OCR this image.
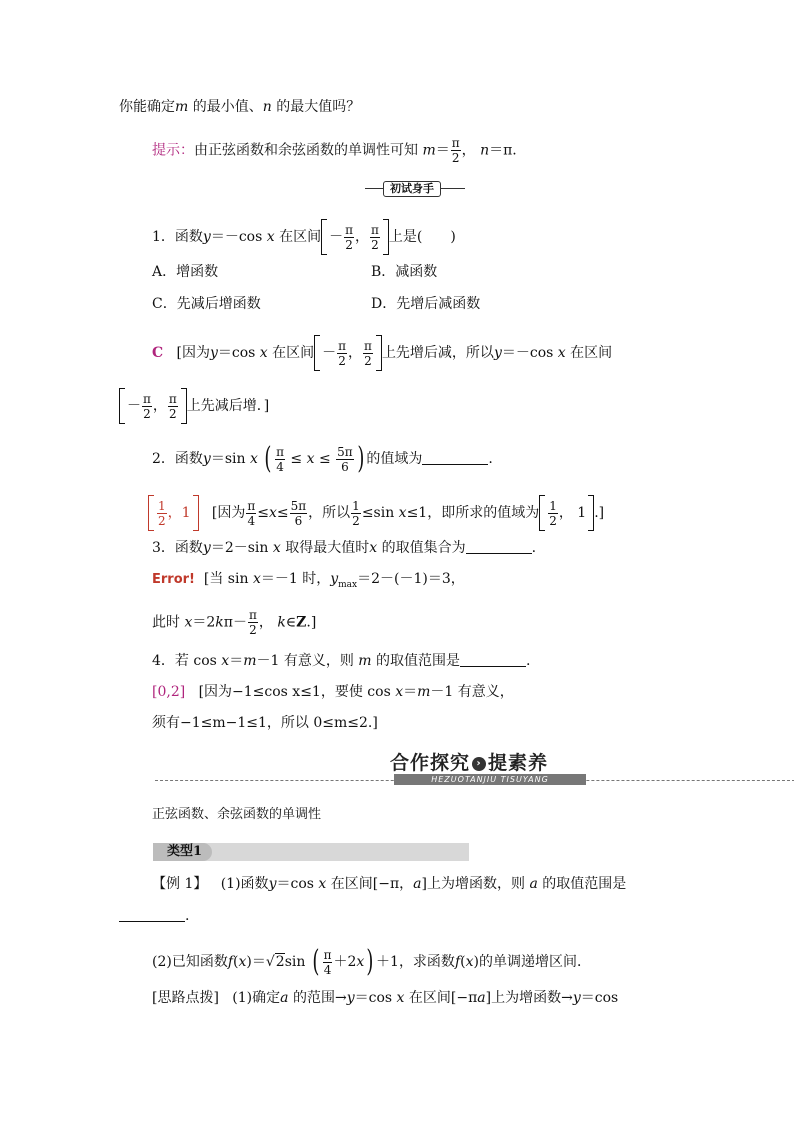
你能确定m 的最小值、n 的最大值吗？
提示：由正弦函数和余弦函数的单调性可知 $m= \frac{\pi}{2}$ ， n＝π.
初试身手
1．函数y＝－cos x 在区间 － $\frac{\pi}{2}$ ， $\frac{\pi}{2}$ 上是(　　)
A．增函数	B．减函数
C．先减后增函数	D．先增后减函数
C   [因为y＝cos x 在区间 － $\frac{\pi}{2}$ ， $\frac{\pi}{2}$ 上先增后减，所以y＝－cos x 在区间
－ $\frac{\pi}{2}$ ， $\frac{\pi}{2}$ 上先减后增．]
2．函数y＝sin x ( $\frac{\pi}{4} \le x \le \frac{5\pi}{6}$ ) 的值域为	.
$\frac{1}{2}$ ，1   [因为 $\frac{\pi}{4} \le x\le \frac{5\pi}{6}$ ，所以 $\frac{1}{2} \le\sin$ x≤1，即所求的值域为 $\frac{1}{2}$ ， 1 .]
3．函数y＝2－sin x 取得最大值时x 的取值集合为	.
Error!  [当 sin x＝－1 时，$y_{max}=2-(-1)=3$，
此时 $x=2k\pi- \frac{\pi}{2}$ ， k∈Z.]
4．若 cos x＝m－1 有意义，则 m 的取值范围是	.
[0,2] [因为−1≤cos x≤1，要使 cos x＝m－1 有意义，
须有−1≤m−1≤1，所以 0≤m≤2.]
合作探究 › 提素养
HEZUOTANJIU TISUYANG
正弦函数、余弦函数的单调性
类型1
【例 1】 (1)函数y＝cos x 在区间[−π，a]上为增函数，则 a 的取值范围是
.
(2)已知函数f(x)＝√2sin ( $\frac{\pi}{4} +2x) +1$，求函数f(x)的单调递增区间．
[思路点拨] (1)确定a 的范围→y＝cos x 在区间[−πa]上为增函数→y＝cos
